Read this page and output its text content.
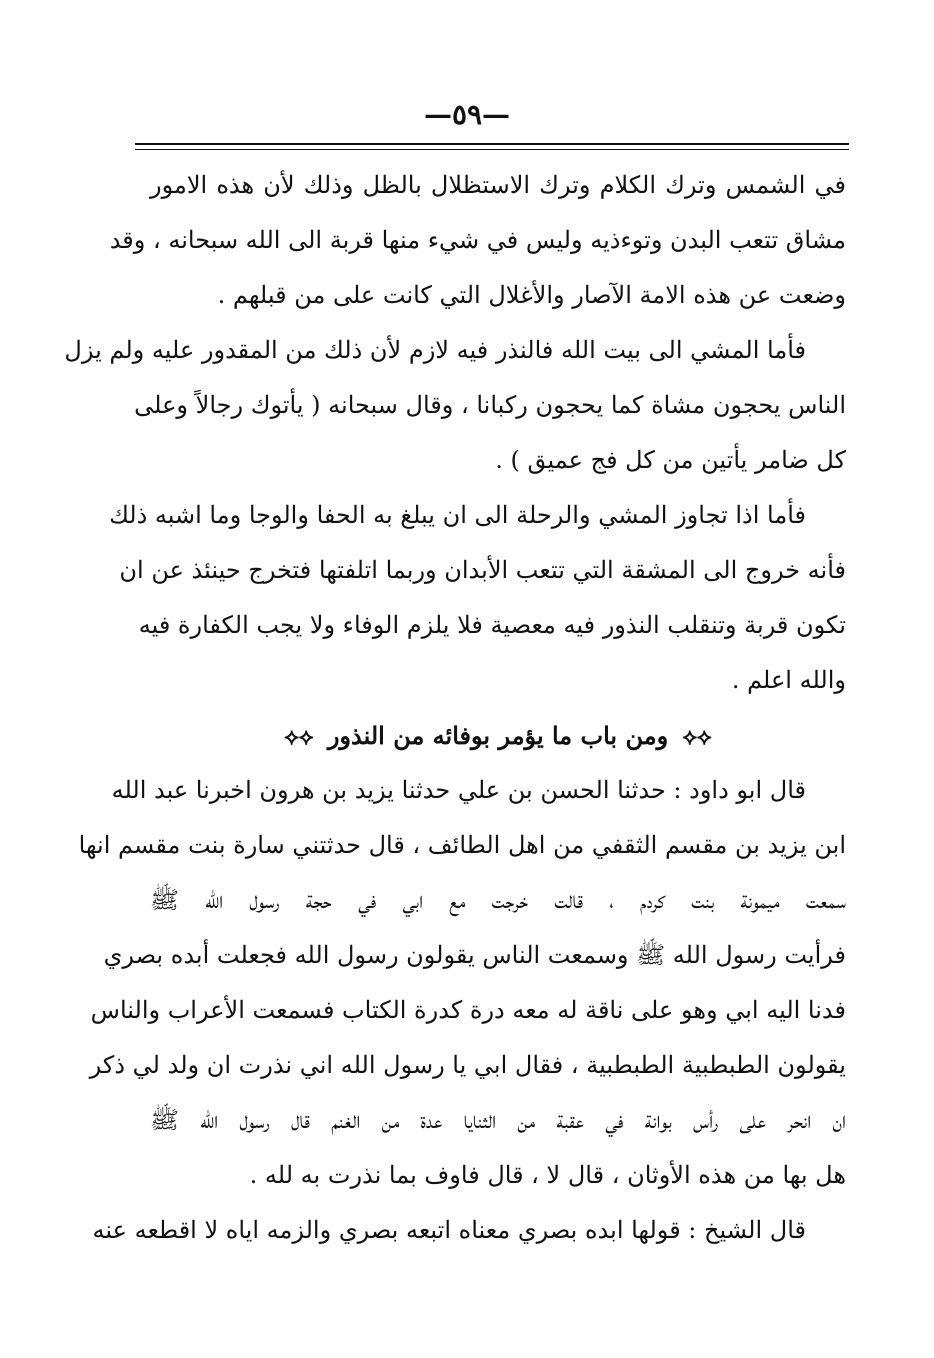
—٥٩—
في الشمس وترك الكلام وترك الاستظلال بالظل وذلك لأن هذه الامور
مشاق تتعب البدن وتوءذيه وليس في شيء منها قربة الى الله سبحانه ، وقد
وضعت عن هذه الامة الآصار والأغلال التي كانت على من قبلهم .
فأما المشي الى بيت الله فالنذر فيه لازم لأن ذلك من المقدور عليه ولم يزل
الناس يحجون مشاة كما يحجون ركبانا ، وقال سبحانه ( يأتوك رجالاً وعلى
كل ضامر يأتين من كل فج عميق ) .
فأما اذا تجاوز المشي والرحلة الى ان يبلغ به الحفا والوجا وما اشبه ذلك
فأنه خروج الى المشقة التي تتعب الأبدان وربما اتلفتها فتخرج حينئذ عن ان
تكون قربة وتنقلب النذور فيه معصية فلا يلزم الوفاء ولا يجب الكفارة فيه
والله اعلم .
⟡⟡ ومن باب ما يؤمر بوفائه من النذور ⟡⟡
قال ابو داود : حدثنا الحسن بن علي حدثنا يزيد بن هرون اخبرنا عبد الله
ابن يزيد بن مقسم الثقفي من اهل الطائف ، قال حدثتني سارة بنت مقسم انها
سمعت ميمونة بنت كردم ، قالت خرجت مع ابي في حجة رسول الله ﷺ
فرأيت رسول الله ﷺ وسمعت الناس يقولون رسول الله فجعلت أبده بصري
فدنا اليه ابي وهو على ناقة له معه درة كدرة الكتاب فسمعت الأعراب والناس
يقولون الطبطبية الطبطبية ، فقال ابي يا رسول الله اني نذرت ان ولد لي ذكر
ان انحر على رأس بوانة في عقبة من الثنايا عدة من الغنم قال رسول الله ﷺ
هل بها من هذه الأوثان ، قال لا ، قال فاوف بما نذرت به لله .
قال الشيخ : قولها ابده بصري معناه اتبعه بصري والزمه اياه لا اقطعه عنه
